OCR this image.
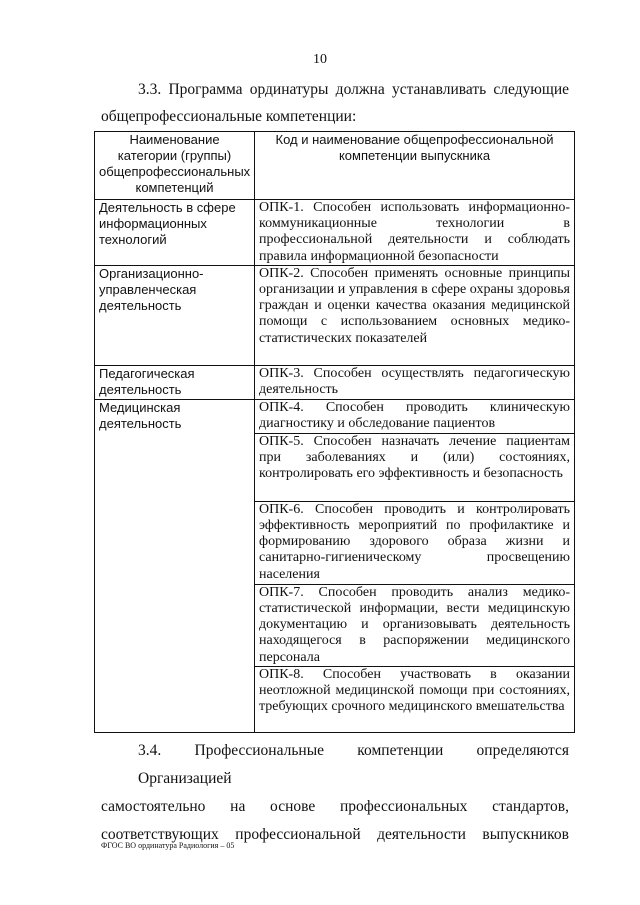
10
3.3. Программа ординатуры должна устанавливать следующие
общепрофессиональные компетенции:
Наименование категории (группы) общепрофессиональных компетенций	Код и наименование общепрофессиональной компетенции выпускника
Деятельность в сфере информационных технологий	ОПК-1. Способен использовать информационно-коммуникационные технологии в профессиональной деятельности и соблюдать правила информационной безопасности
Организационно-управленческая деятельность	ОПК-2. Способен применять основные принципы организации и управления в сфере охраны здоровья граждан и оценки качества оказания медицинской помощи с использованием основных медико-статистических показателей
Педагогическая деятельность	ОПК-3. Способен осуществлять педагогическую деятельность
Медицинская деятельность	ОПК-4. Способен проводить клиническую диагностику и обследование пациентов
	ОПК-5. Способен назначать лечение пациентам при заболеваниях и (или) состояниях, контролировать его эффективность и безопасность
	ОПК-6. Способен проводить и контролировать эффективность мероприятий по профилактике и формированию здорового образа жизни и санитарно-гигиеническому просвещению населения
	ОПК-7. Способен проводить анализ медико-статистической информации, вести медицинскую документацию и организовывать деятельность находящегося в распоряжении медицинского персонала
	ОПК-8. Способен участвовать в оказании неотложной медицинской помощи при состояниях, требующих срочного медицинского вмешательства
3.4. Профессиональные компетенции определяются Организацией
самостоятельно на основе профессиональных стандартов,
соответствующих профессиональной деятельности выпускников
ФГОС ВО ординатура Радиология – 05
